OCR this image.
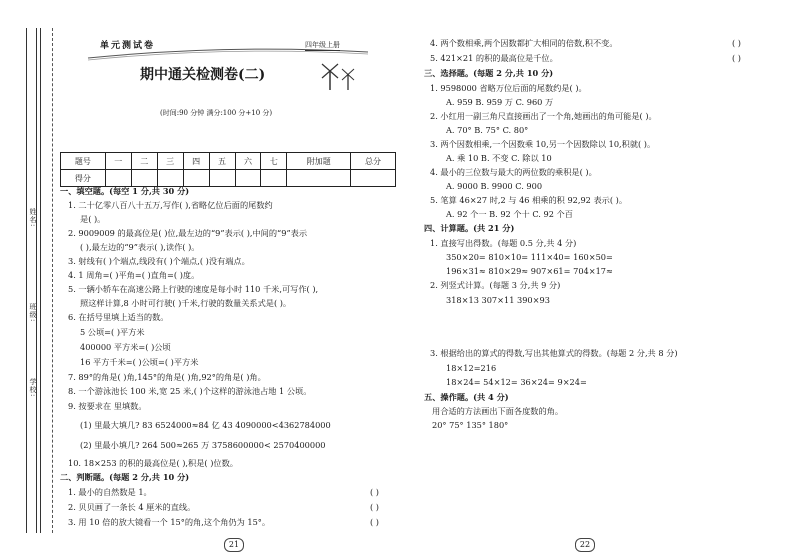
姓名:
班级:
学校:
单元测试卷	四年级上册
期中通关检测卷(二)
(时间:90 分钟 满分:100 分+10 分)
题号	一	二	三	四	五	六	七	附加题	总分
得分									
一、填空题。(每空 1 分,共 30 分)
1. 二十亿零八百八十五万,写作( ),省略亿位后面的尾数约
是( )。
2. 9009009 的最高位是( )位,最左边的“9”表示( ),中间的“9”表示
( ),最左边的“9”表示( ),读作( )。
3. 射线有( )个端点,线段有( )个端点,( )没有端点。
4. 1 周角=( )平角=( )直角=( )度。
5. 一辆小轿车在高速公路上行驶的速度是每小时 110 千米,可写作( ),
照这样计算,8 小时可行驶( )千米,行驶的数量关系式是( )。
6. 在括号里填上适当的数。
5 公顷=( )平方米
400000 平方米=( )公顷
16 平方千米=( )公顷=( )平方米
7. 89°的角是( )角,145°的角是( )角,92°的角是( )角。
8. 一个游泳池长 100 米,宽 25 米,( )个这样的游泳池占地 1 公顷。
9. 按要求在 里填数。
(1) 里最大填几? 83 6524000≈84 亿 43 4090000<4362784000
(2) 里最小填几? 264 500≈265 万 3758600000< 2570400000
10. 18×253 的积的最高位是( ),积是( )位数。
二、判断题。(每题 2 分,共 10 分)
1. 最小的自然数是 1。	( )
2. 贝贝画了一条长 4 厘米的直线。	( )
3. 用 10 倍的放大镜看一个 15°的角,这个角仍为 15°。	( )
21
4. 两个数相乘,两个因数都扩大相同的倍数,积不变。	( )
5. 421×21 的积的最高位是千位。	( )
三、选择题。(每题 2 分,共 10 分)
1. 9598000 省略万位后面的尾数约是( )。
A. 959 B. 959 万 C. 960 万
2. 小红用一副三角尺直接画出了一个角,她画出的角可能是( )。
A. 70° B. 75° C. 80°
3. 两个因数相乘,一个因数乘 10,另一个因数除以 10,积就( )。
A. 乘 10 B. 不变 C. 除以 10
4. 最小的三位数与最大的两位数的乘积是( )。
A. 9000 B. 9900 C. 900
5. 笔算 46×27 时,2 与 46 相乘的积 92,92 表示( )。
A. 92 个一 B. 92 个十 C. 92 个百
四、计算题。(共 21 分)
1. 直接写出得数。(每题 0.5 分,共 4 分)
350×20= 810×10= 111×40= 160×50=
196×31≈ 810×29≈ 907×61= 704×17≈
2. 列竖式计算。(每题 3 分,共 9 分)
318×13 307×11 390×93
3. 根据给出的算式的得数,写出其他算式的得数。(每题 2 分,共 8 分)
18×12=216
18×24= 54×12= 36×24= 9×24=
五、操作题。(共 4 分)
用合适的方法画出下面各度数的角。
20° 75° 135° 180°
22
